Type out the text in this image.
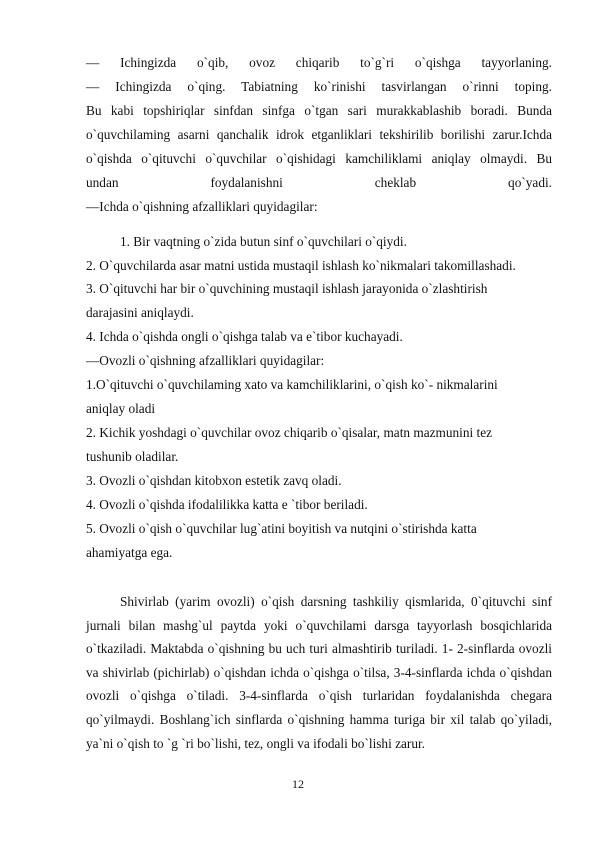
— Ichingizda o`qib, ovoz chiqarib to`g`ri o`qishga tayyorlaning.
— Ichingizda o`qing. Tabiatning ko`rinishi tasvirlangan o`rinni toping.
Bu kabi topshiriqlar sinfdan sinfga o`tgan sari murakkablashib boradi. Bunda
o`quvchilaming asarni qanchalik idrok etganliklari tekshirilib borilishi zarur.Ichda
o`qishda o`qituvchi o`quvchilar o`qishidagi kamchiliklami aniqlay olmaydi. Bu
undan foydalanishni cheklab qo`yadi.
—Ichda o`qishning afzalliklari quyidagilar:
1. Bir vaqtning o`zida butun sinf o`quvchilari o`qiydi.
2. O`quvchilarda asar matni ustida mustaqil ishlash ko`nikmalari takomillashadi.
3. O`qituvchi har bir o`quvchining mustaqil ishlash jarayonida o`zlashtirish
darajasini aniqlaydi.
4. Ichda o`qishda ongli o`qishga talab va e`tibor kuchayadi.
—Ovozli o`qishning afzalliklari quyidagilar:
1.O`qituvchi o`quvchilaming xato va kamchiliklarini, o`qish ko`- nikmalarini
aniqlay oladi
2. Kichik yoshdagi o`quvchilar ovoz chiqarib o`qisalar, matn mazmunini tez
tushunib oladilar.
3. Ovozli o`qishdan kitobxon estetik zavq oladi.
4. Ovozli o`qishda ifodalilikka katta e `tibor beriladi.
5. Ovozli o`qish o`quvchilar lug`atini boyitish va nutqini o`stirishda katta
ahamiyatga ega.
Shivirlab (yarim ovozli) o`qish darsning tashkiliy qismlarida, 0`qituvchi sinf jurnali bilan mashg`ul paytda yoki o`quvchilami darsga tayyorlash bosqichlarida o`tkaziladi. Maktabda o`qishning bu uch turi almashtirib turiladi. 1- 2-sinflarda ovozli va shivirlab (pichirlab) o`qishdan ichda o`qishga o`tilsa, 3-4-sinflarda ichda o`qishdan ovozli o`qishga o`tiladi. 3-4-sinflarda o`qish turlaridan foydalanishda chegara qo`yilmaydi. Boshlang`ich sinflarda o`qishning hamma turiga bir xil talab qo`yiladi, ya`ni o`qish to `g `ri bo`lishi, tez, ongli va ifodali bo`lishi zarur.
12
